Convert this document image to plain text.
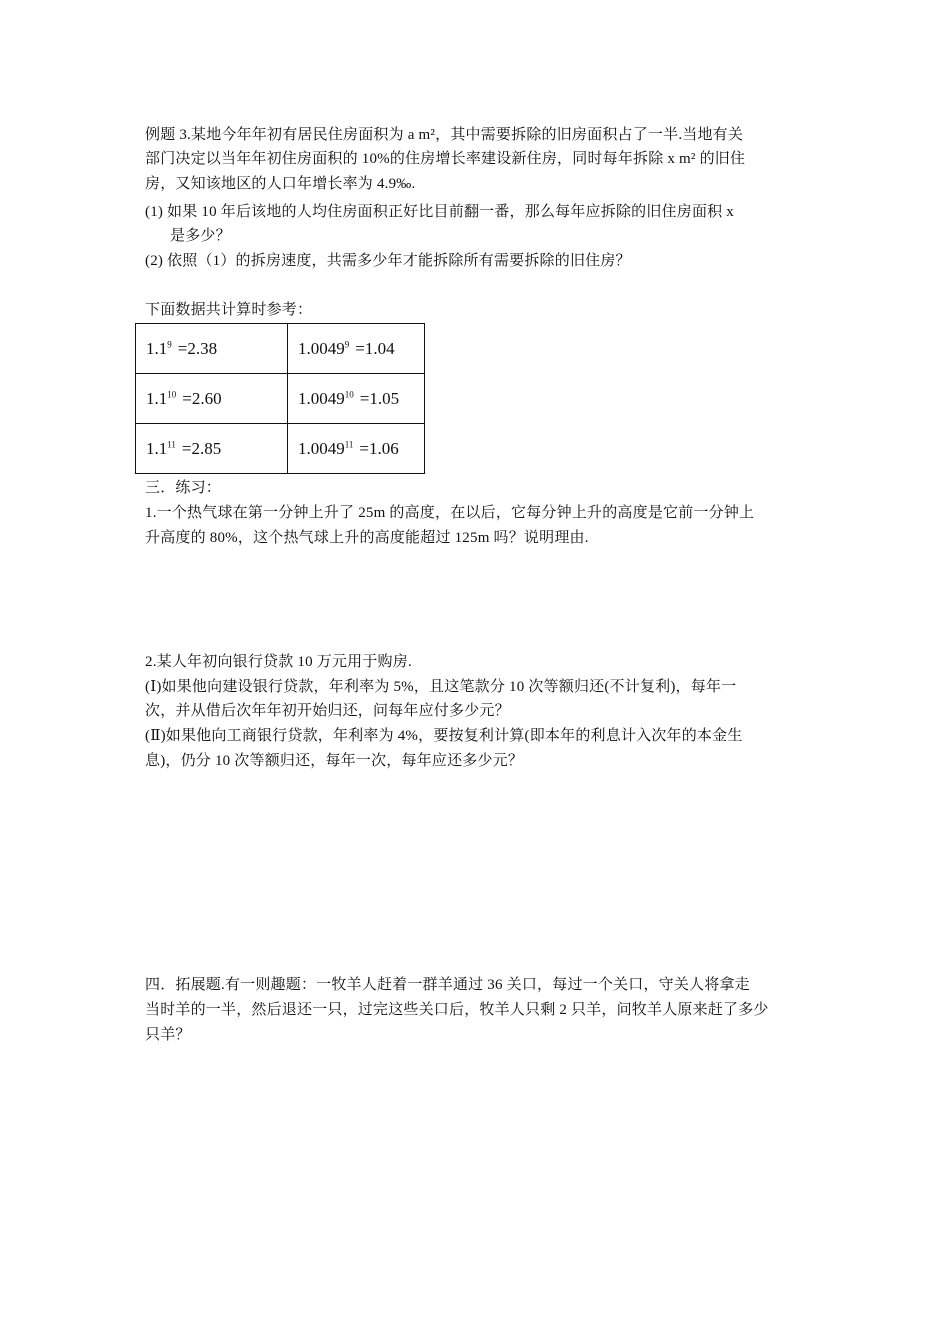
例题 3.某地今年年初有居民住房面积为 a m²，其中需要拆除的旧房面积占了一半.当地有关
部门决定以当年年初住房面积的 10%的住房增长率建设新住房，同时每年拆除 x m² 的旧住
房，又知该地区的人口年增长率为 4.9‰.
(1) 如果 10 年后该地的人均住房面积正好比目前翻一番，那么每年应拆除的旧住房面积 x
是多少？
(2) 依照（1）的拆房速度，共需多少年才能拆除所有需要拆除的旧住房？
下面数据共计算时参考：
$1.1^9 =2.38$	$1.0049^9 =1.04$
$1.1^{10} =2.60$	$1.0049^{10} =1.05$
$1.1^{11} =2.85$	$1.0049^{11} =1.06$
三．练习：
1.一个热气球在第一分钟上升了 25m 的高度，在以后，它每分钟上升的高度是它前一分钟上
升高度的 80%，这个热气球上升的高度能超过 125m 吗？说明理由.
2.某人年初向银行贷款 10 万元用于购房.
(Ⅰ)如果他向建设银行贷款，年利率为 5%，且这笔款分 10 次等额归还(不计复利)，每年一
次，并从借后次年年初开始归还，问每年应付多少元？
(Ⅱ)如果他向工商银行贷款，年利率为 4%，要按复利计算(即本年的利息计入次年的本金生
息)，仍分 10 次等额归还，每年一次，每年应还多少元？
四．拓展题.有一则趣题：一牧羊人赶着一群羊通过 36 关口，每过一个关口，守关人将拿走
当时羊的一半，然后退还一只，过完这些关口后，牧羊人只剩 2 只羊，问牧羊人原来赶了多少
只羊？
